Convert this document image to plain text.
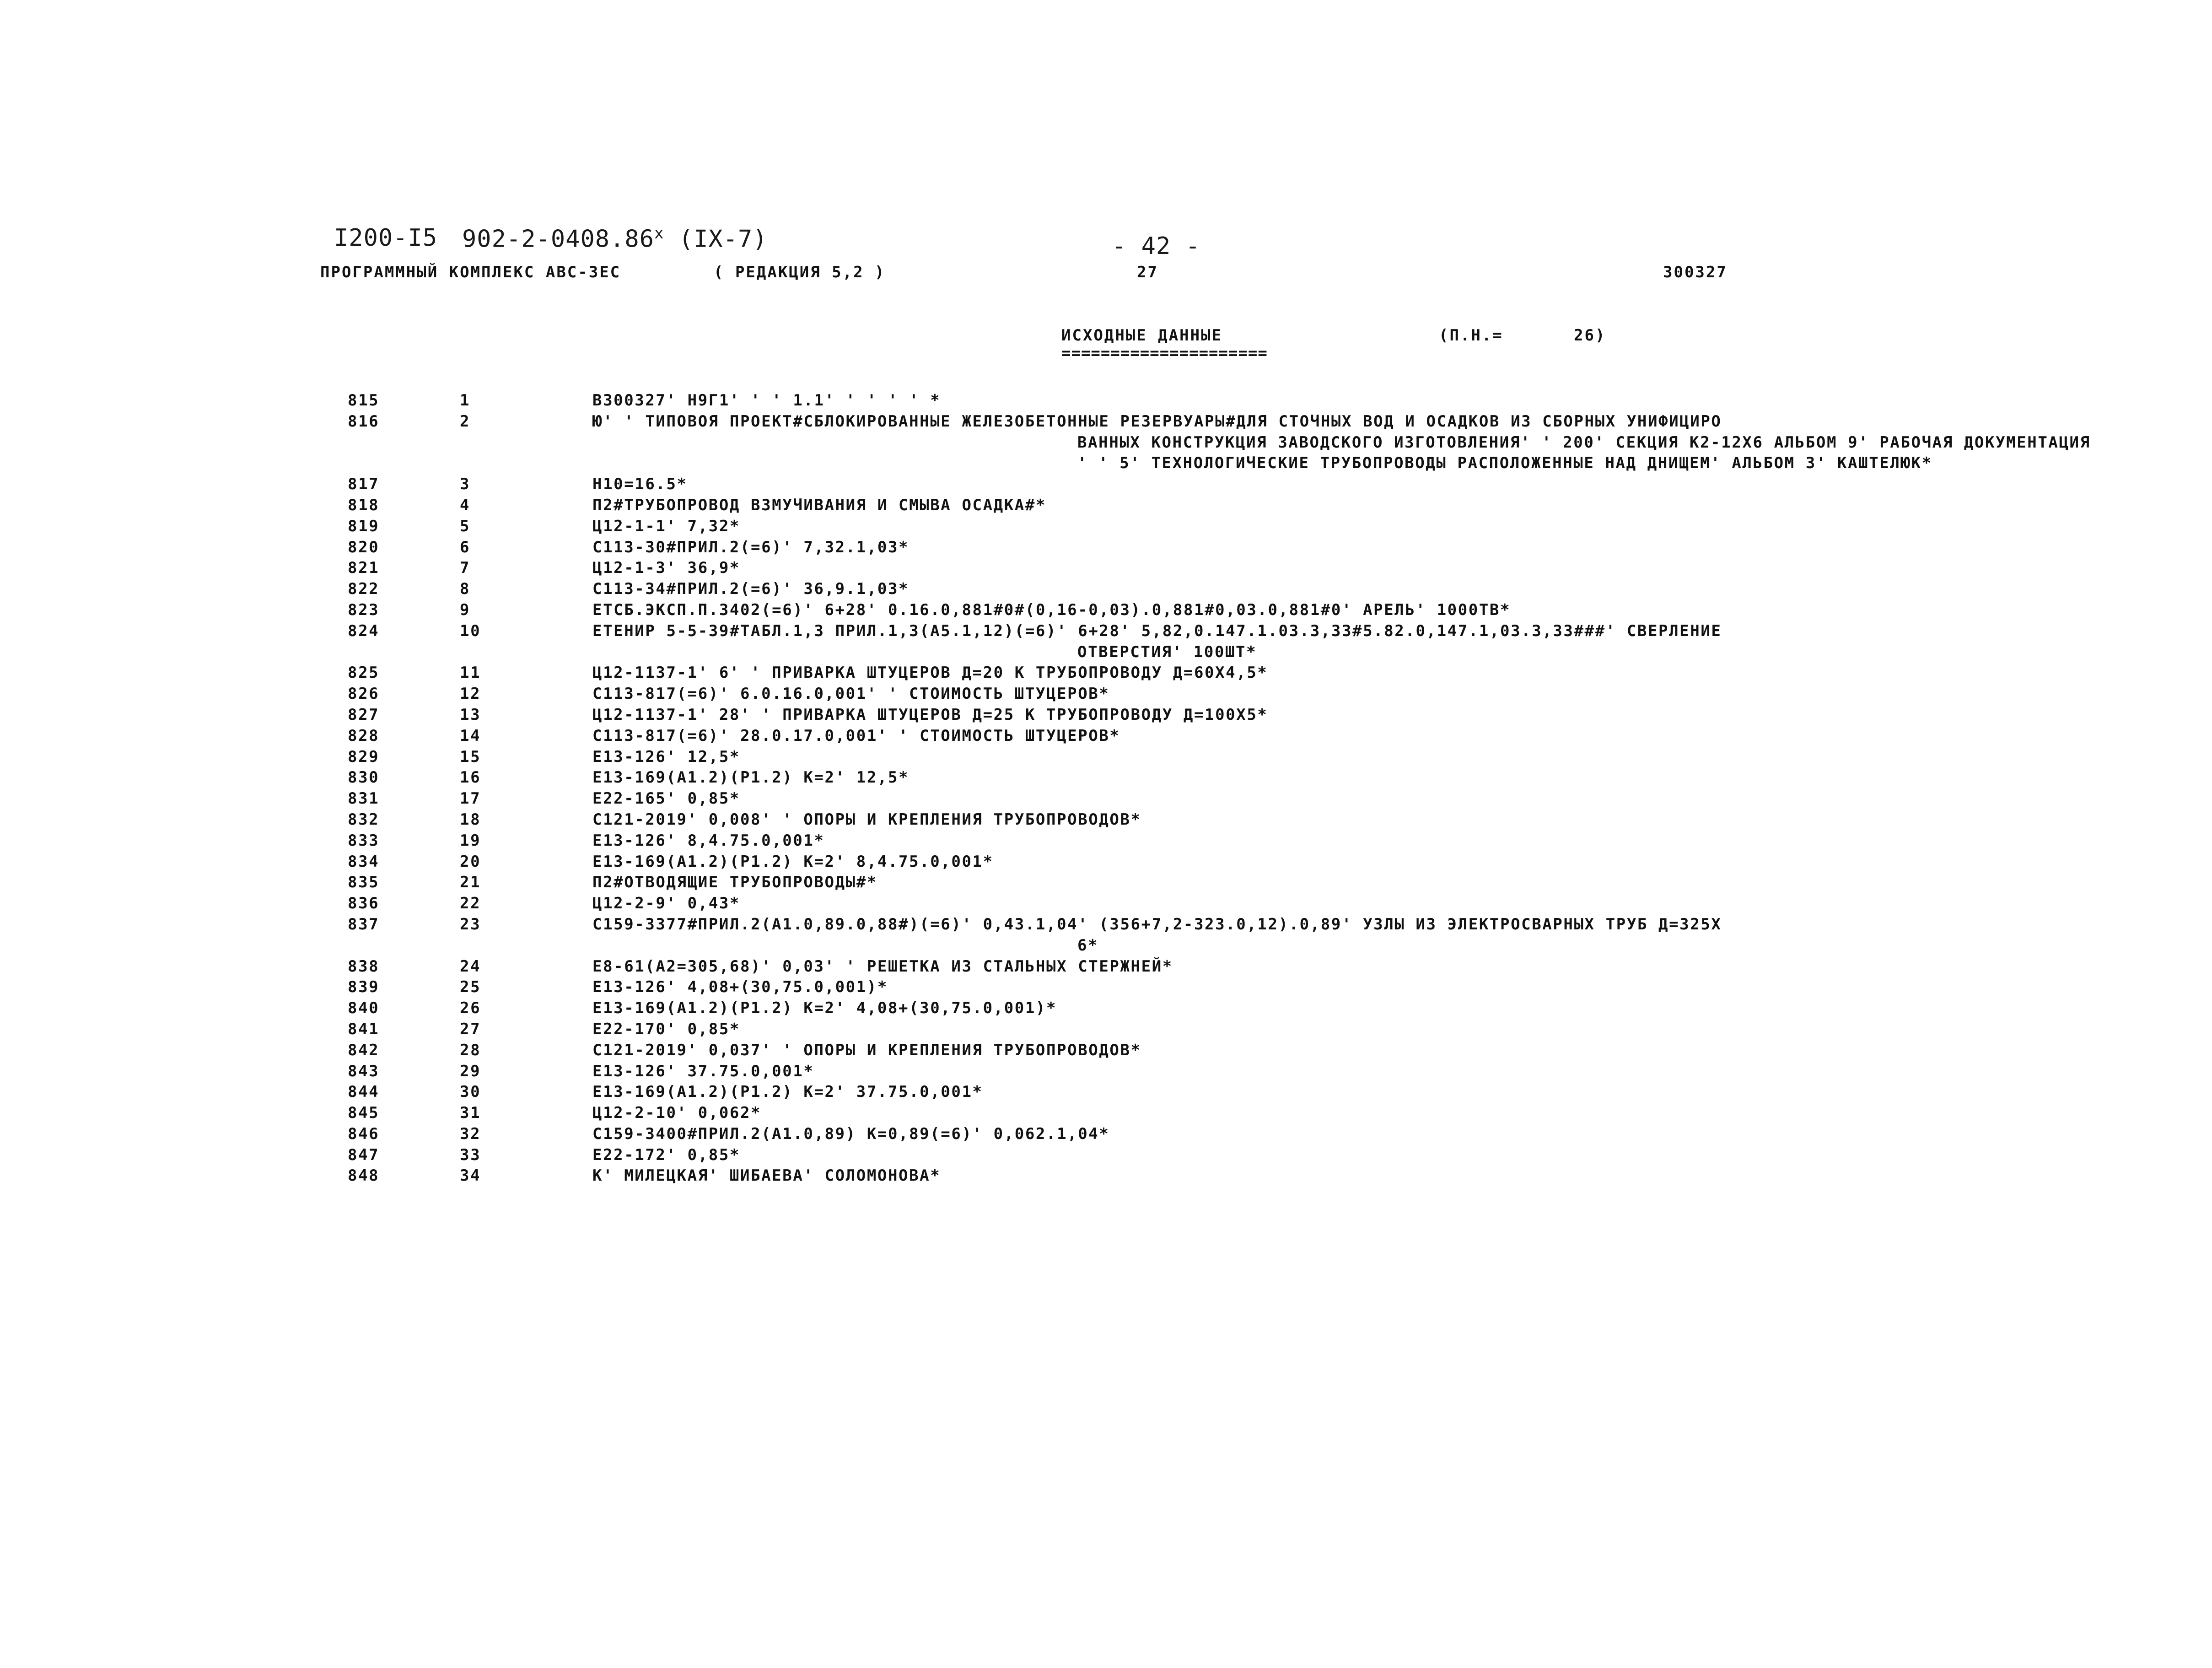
I200-I5 902-2-0408.86$^x$ (IX-7)	- 42 -
ПРОГРАММНЫЙ КОМПЛЕКС АВС-3ЕС	( РЕДАКЦИЯ 5,2 )	27	300327
ИСХОДНЫЕ ДАННЫЕ	(П.Н.=	26)
=====================
815	1	В300327' Н9Г1' ' ' 1.1' ' ' ' ' *
816	2	Ю' ' ТИПОВОЯ ПРОЕКТ#СБЛОКИРОВАННЫЕ ЖЕЛЕЗОБЕТОННЫЕ РЕЗЕРВУАРЫ#ДЛЯ СТОЧНЫХ ВОД И ОСАДКОВ ИЗ СБОРНЫХ УНИФИЦИРО
ВАННЫХ КОНСТРУКЦИЯ ЗАВОДСКОГО ИЗГОТОВЛЕНИЯ' ' 200' СЕКЦИЯ К2-12Х6 АЛЬБОМ 9' РАБОЧАЯ ДОКУМЕНТАЦИЯ
' ' 5' ТЕХНОЛОГИЧЕСКИЕ ТРУБОПРОВОДЫ РАСПОЛОЖЕННЫЕ НАД ДНИЩЕМ' АЛЬБОМ 3' КАШТЕЛЮК*
817	3	Н10=16.5*
818	4	П2#ТРУБОПРОВОД ВЗМУЧИВАНИЯ И СМЫВА ОСАДКА#*
819	5	Ц12-1-1' 7,32*
820	6	С113-30#ПРИЛ.2(=6)' 7,32.1,03*
821	7	Ц12-1-3' 36,9*
822	8	С113-34#ПРИЛ.2(=6)' 36,9.1,03*
823	9	ЕТСБ.ЭКСП.П.3402(=6)' 6+28' 0.16.0,881#0#(0,16-0,03).0,881#0,03.0,881#0' АРЕЛЬ' 1000ТВ*
824	10	ЕТЕНИР 5-5-39#ТАБЛ.1,3 ПРИЛ.1,3(А5.1,12)(=6)' 6+28' 5,82,0.147.1.03.3,33#5.82.0,147.1,03.3,33###' СВЕРЛЕНИЕ
ОТВЕРСТИЯ' 100ШТ*
825	11	Ц12-1137-1' 6' ' ПРИВАРКА ШТУЦЕРОВ Д=20 К ТРУБОПРОВОДУ Д=60Х4,5*
826	12	С113-817(=6)' 6.0.16.0,001' ' СТОИМОСТЬ ШТУЦЕРОВ*
827	13	Ц12-1137-1' 28' ' ПРИВАРКА ШТУЦЕРОВ Д=25 К ТРУБОПРОВОДУ Д=100Х5*
828	14	С113-817(=6)' 28.0.17.0,001' ' СТОИМОСТЬ ШТУЦЕРОВ*
829	15	Е13-126' 12,5*
830	16	Е13-169(А1.2)(Р1.2) К=2' 12,5*
831	17	Е22-165' 0,85*
832	18	С121-2019' 0,008' ' ОПОРЫ И КРЕПЛЕНИЯ ТРУБОПРОВОДОВ*
833	19	Е13-126' 8,4.75.0,001*
834	20	Е13-169(А1.2)(Р1.2) К=2' 8,4.75.0,001*
835	21	П2#ОТВОДЯЩИЕ ТРУБОПРОВОДЫ#*
836	22	Ц12-2-9' 0,43*
837	23	С159-3377#ПРИЛ.2(А1.0,89.0,88#)(=6)' 0,43.1,04' (356+7,2-323.0,12).0,89' УЗЛЫ ИЗ ЭЛЕКТРОСВАРНЫХ ТРУБ Д=325Х
6*
838	24	Е8-61(А2=305,68)' 0,03' ' РЕШЕТКА ИЗ СТАЛЬНЫХ СТЕРЖНЕЙ*
839	25	Е13-126' 4,08+(30,75.0,001)*
840	26	Е13-169(А1.2)(Р1.2) К=2' 4,08+(30,75.0,001)*
841	27	Е22-170' 0,85*
842	28	С121-2019' 0,037' ' ОПОРЫ И КРЕПЛЕНИЯ ТРУБОПРОВОДОВ*
843	29	Е13-126' 37.75.0,001*
844	30	Е13-169(А1.2)(Р1.2) К=2' 37.75.0,001*
845	31	Ц12-2-10' 0,062*
846	32	С159-3400#ПРИЛ.2(А1.0,89) К=0,89(=6)' 0,062.1,04*
847	33	Е22-172' 0,85*
848	34	К' МИЛЕЦКАЯ' ШИБАЕВА' СОЛОМОНОВА*
